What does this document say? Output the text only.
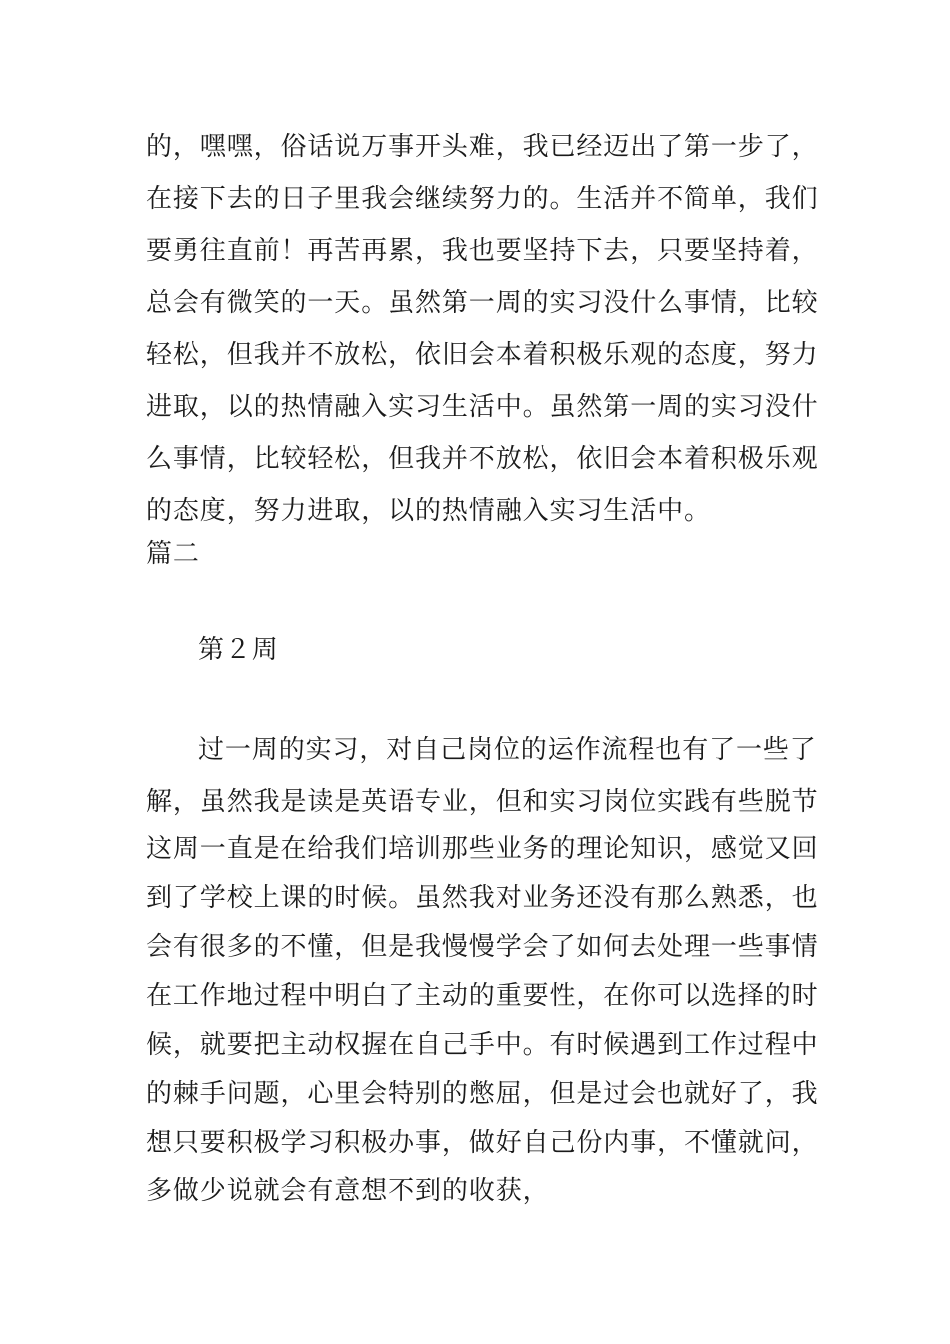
的，嘿嘿，俗话说万事开头难，我已经迈出了第一步了，
在接下去的日子里我会继续努力的。生活并不简单，我们
要勇往直前！再苦再累，我也要坚持下去，只要坚持着，
总会有微笑的一天。虽然第一周的实习没什么事情，比较
轻松，但我并不放松，依旧会本着积极乐观的态度，努力
进取，以的热情融入实习生活中。虽然第一周的实习没什
么事情，比较轻松，但我并不放松，依旧会本着积极乐观
的态度，努力进取，以的热情融入实习生活中。
篇二
第２周
过一周的实习，对自己岗位的运作流程也有了一些了
解，虽然我是读是英语专业，但和实习岗位实践有些脱节
这周一直是在给我们培训那些业务的理论知识，感觉又回
到了学校上课的时候。虽然我对业务还没有那么熟悉，也
会有很多的不懂，但是我慢慢学会了如何去处理一些事情
在工作地过程中明白了主动的重要性，在你可以选择的时
候，就要把主动权握在自己手中。有时候遇到工作过程中
的棘手问题，心里会特别的憋屈，但是过会也就好了，我
想只要积极学习积极办事，做好自己份内事，不懂就问，
多做少说就会有意想不到的收获，
